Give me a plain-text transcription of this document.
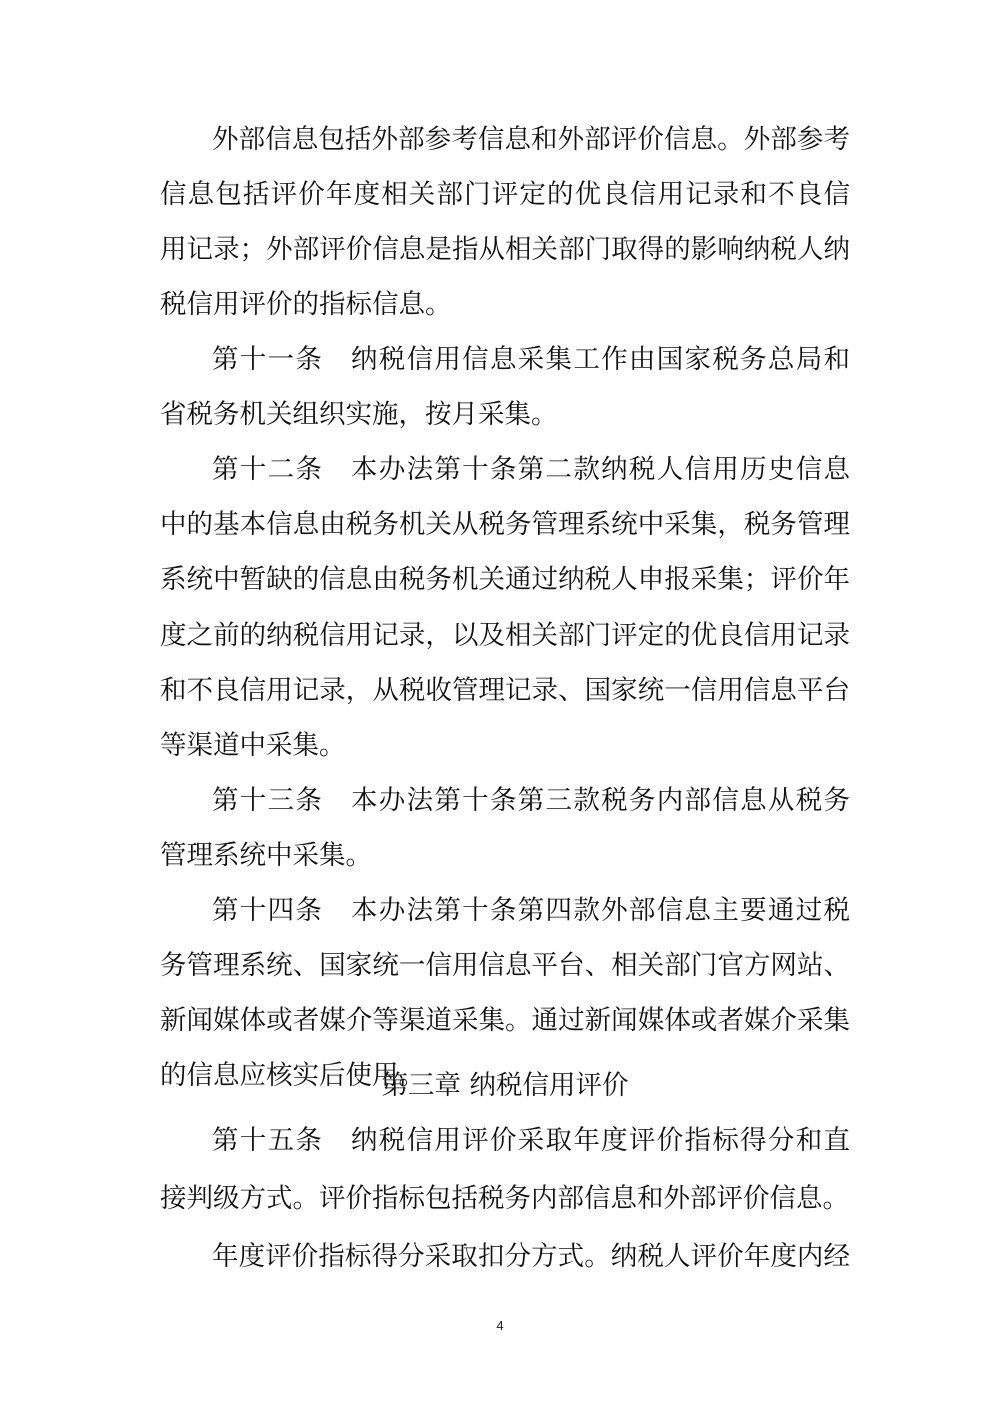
外部信息包括外部参考信息和外部评价信息。外部参考
信息包括评价年度相关部门评定的优良信用记录和不良信
用记录；外部评价信息是指从相关部门取得的影响纳税人纳
税信用评价的指标信息。
第十一条　纳税信用信息采集工作由国家税务总局和
省税务机关组织实施，按月采集。
第十二条　本办法第十条第二款纳税人信用历史信息
中的基本信息由税务机关从税务管理系统中采集，税务管理
系统中暂缺的信息由税务机关通过纳税人申报采集；评价年
度之前的纳税信用记录，以及相关部门评定的优良信用记录
和不良信用记录，从税收管理记录、国家统一信用信息平台
等渠道中采集。
第十三条　本办法第十条第三款税务内部信息从税务
管理系统中采集。
第十四条　本办法第十条第四款外部信息主要通过税
务管理系统、国家统一信用信息平台、相关部门官方网站、
第三章 纳税信用评价
4
新闻媒体或者媒介等渠道采集。通过新闻媒体或者媒介采集
的信息应核实后使用。
第十五条　纳税信用评价采取年度评价指标得分和直
接判级方式。评价指标包括税务内部信息和外部评价信息。
年度评价指标得分采取扣分方式。纳税人评价年度内经
